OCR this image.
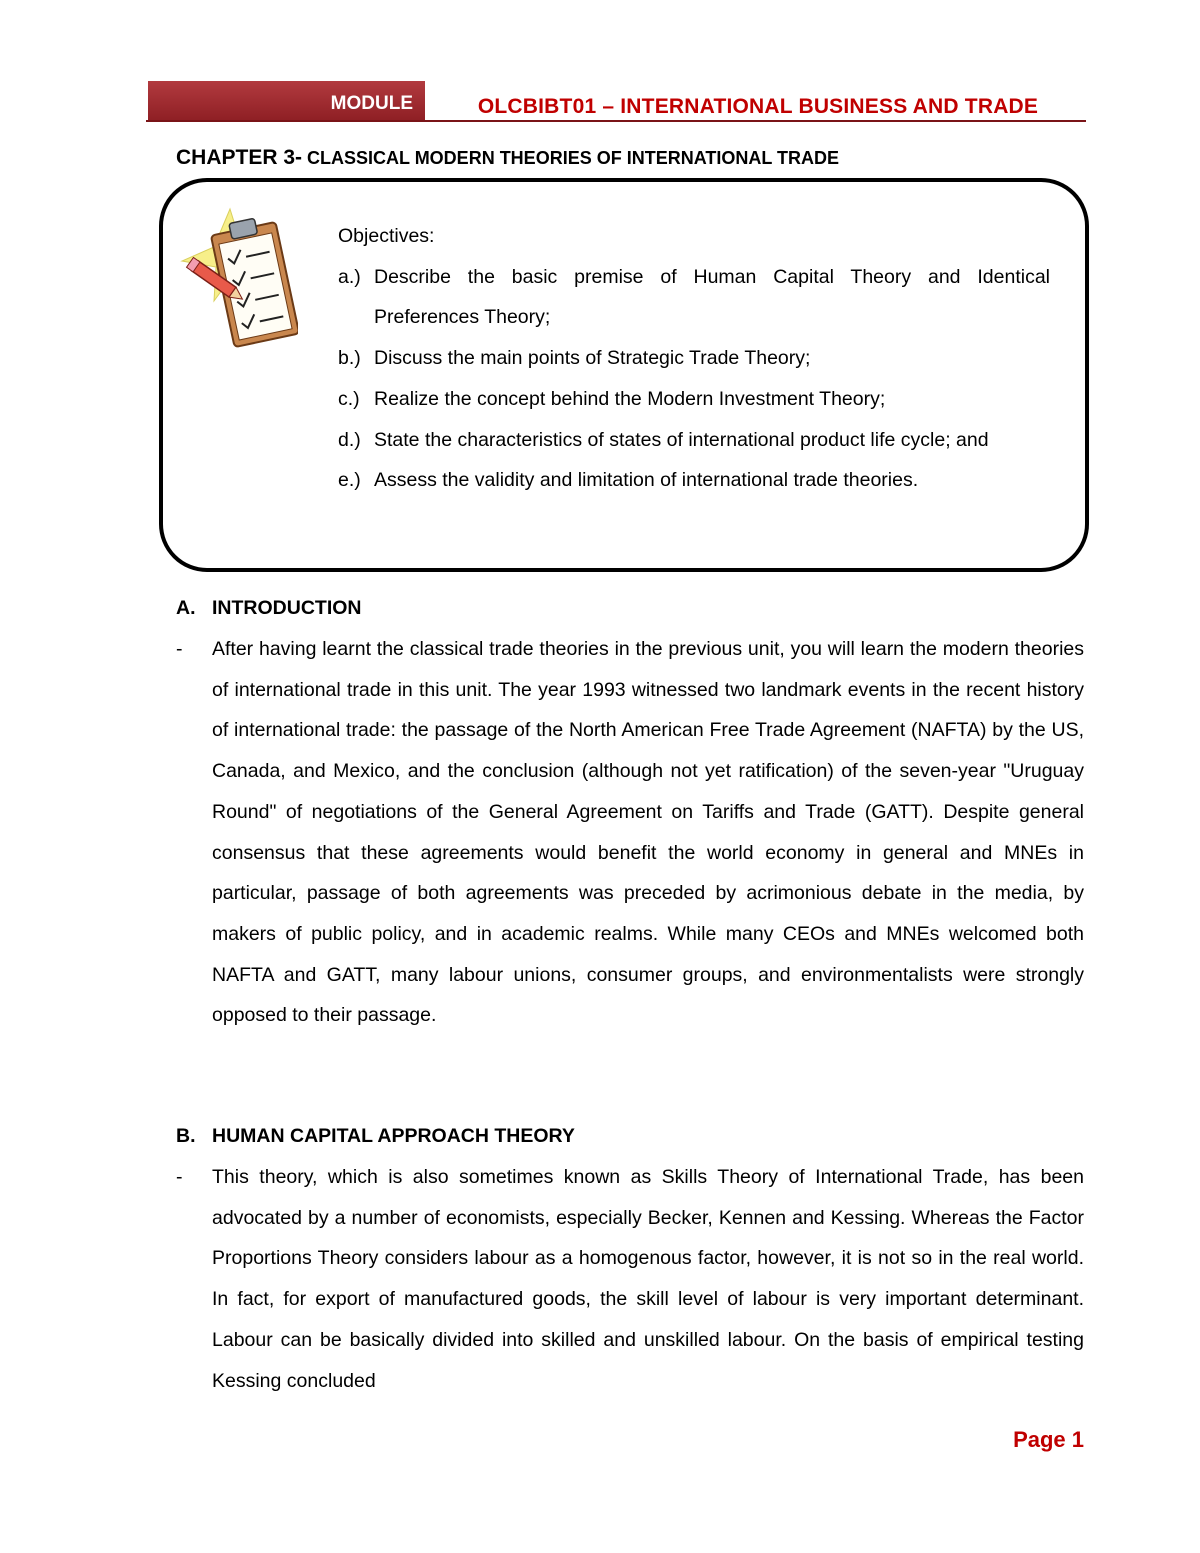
MODULE	OLCBIBT01 – INTERNATIONAL BUSINESS AND TRADE
CHAPTER 3- CLASSICAL MODERN THEORIES OF INTERNATIONAL TRADE
Objectives:
a.) Describe the basic premise of Human Capital Theory and Identical Preferences Theory;
b.) Discuss the main points of Strategic Trade Theory;
c.) Realize the concept behind the Modern Investment Theory;
d.) State the characteristics of states of international product life cycle; and
e.) Assess the validity and limitation of international trade theories.
A. INTRODUCTION
-	After having learnt the classical trade theories in the previous unit, you will learn the modern theories of international trade in this unit. The year 1993 witnessed two landmark events in the recent history of international trade: the passage of the North American Free Trade Agreement (NAFTA) by the US, Canada, and Mexico, and the conclusion (although not yet ratification) of the seven-year "Uruguay Round" of negotiations of the General Agreement on Tariffs and Trade (GATT). Despite general consensus that these agreements would benefit the world economy in general and MNEs in particular, passage of both agreements was preceded by acrimonious debate in the media, by makers of public policy, and in academic realms. While many CEOs and MNEs welcomed both NAFTA and GATT, many labour unions, consumer groups, and environmentalists were strongly opposed to their passage.
B. HUMAN CAPITAL APPROACH THEORY
-	This theory, which is also sometimes known as Skills Theory of International Trade, has been advocated by a number of economists, especially Becker, Kennen and Kessing. Whereas the Factor Proportions Theory considers labour as a homogenous factor, however, it is not so in the real world. In fact, for export of manufactured goods, the skill level of labour is very important determinant. Labour can be basically divided into skilled and unskilled labour. On the basis of empirical testing Kessing concluded
Page 1
